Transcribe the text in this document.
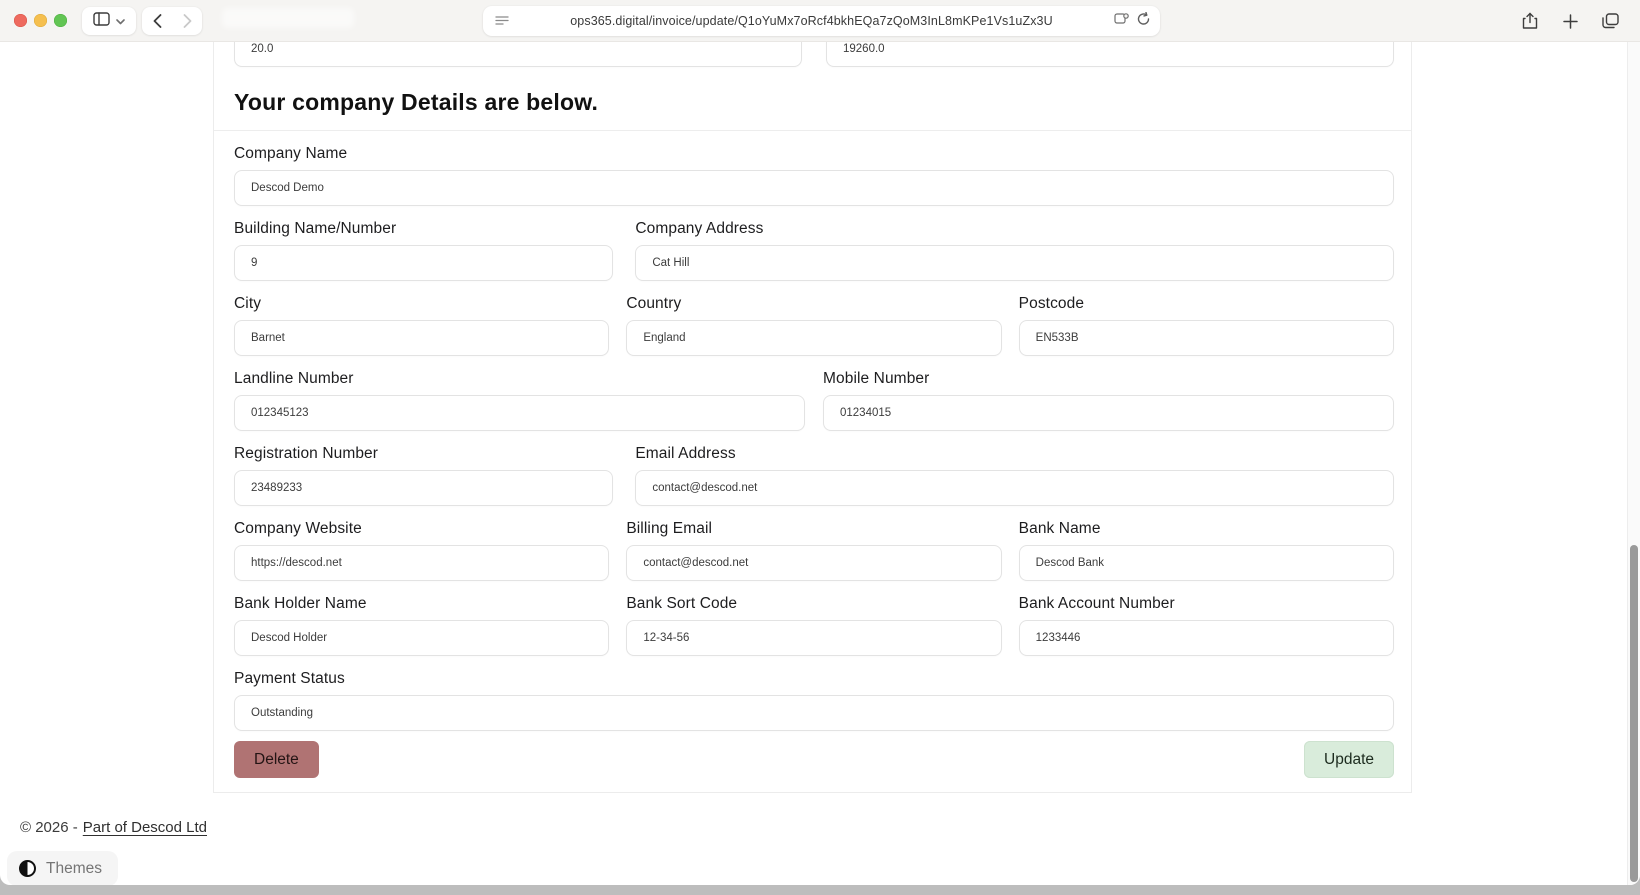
ops365.digital/invoice/update/Q1oYuMx7oRcf4bkhEQa7zQoM3InL8mKPe1Vs1uZx3U
20.0
19260.0
Your company Details are below.
Company Name
Descod Demo
Building Name/Number
9	Company Address
Cat Hill
City
Barnet	Country
England	Postcode
EN533B
Landline Number
012345123	Mobile Number
01234015
Registration Number
23489233	Email Address
contact@descod.net
Company Website
https://descod.net	Billing Email
contact@descod.net	Bank Name
Descod Bank
Bank Holder Name
Descod Holder	Bank Sort Code
12-34-56	Bank Account Number
1233446
Payment Status
Outstanding
Delete	Update
© 2026 - Part of Descod Ltd
Themes
